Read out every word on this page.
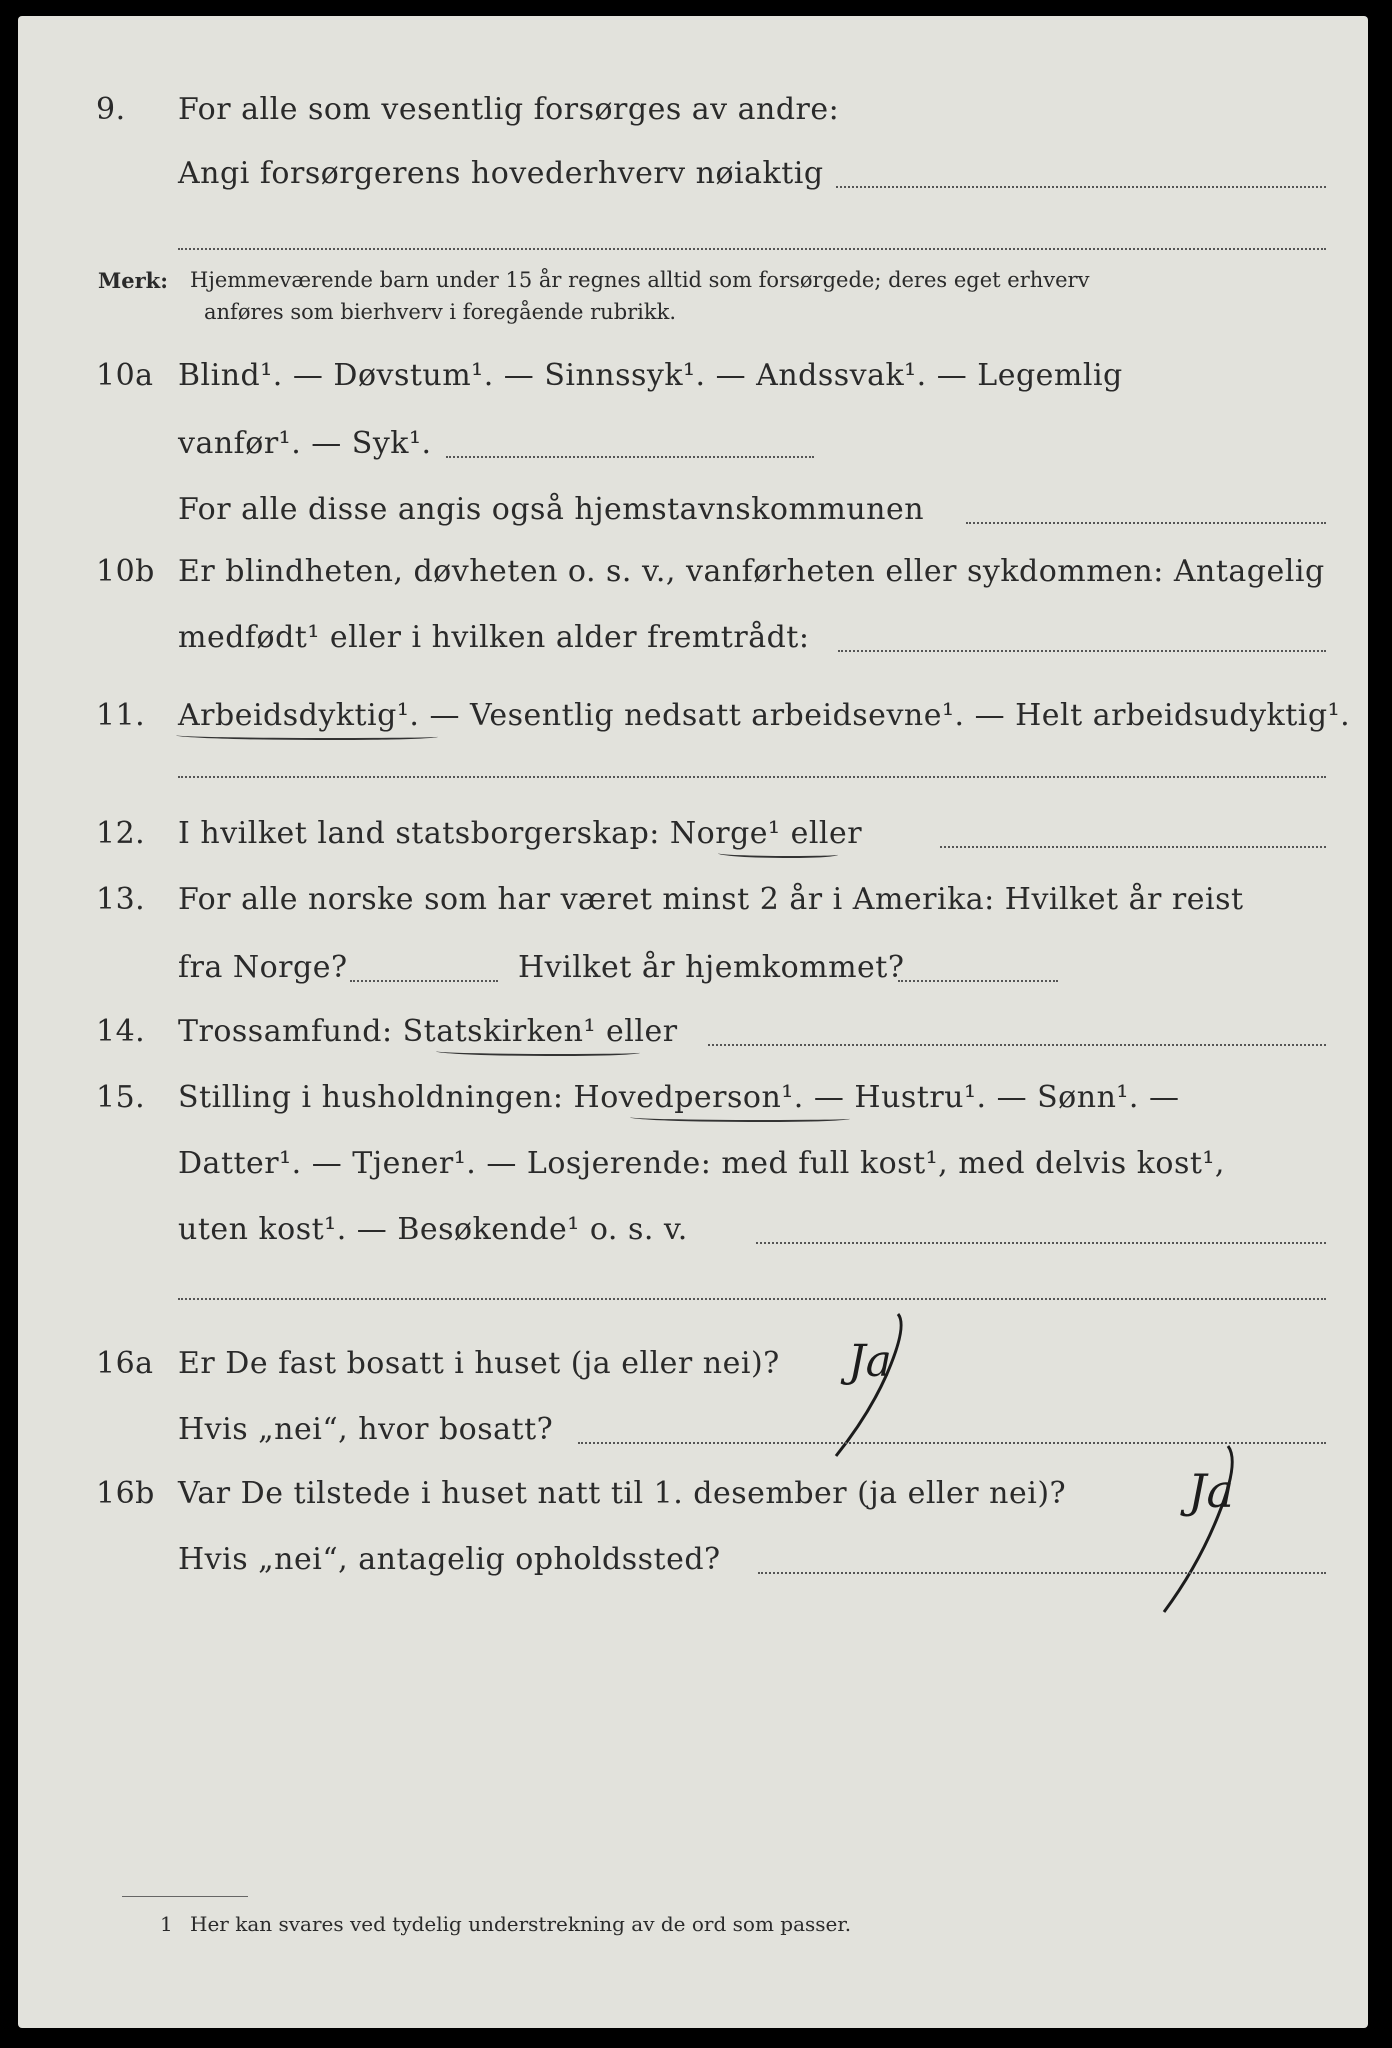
9. For alle som vesentlig forsørges av andre:
Angi forsørgerens hovederhverv nøiaktig
Merk: Hjemmeværende barn under 15 år regnes alltid som forsørgede; deres eget erhverv
anføres som bierhverv i foregående rubrikk.
10a Blind¹. — Døvstum¹. — Sinnssyk¹. — Andssvak¹. — Legemlig
vanfør¹. — Syk¹.
For alle disse angis også hjemstavnskommunen
10b Er blindheten, døvheten o. s. v., vanførheten eller sykdommen: Antagelig
medfødt¹ eller i hvilken alder fremtrådt:
11. Arbeidsdyktig¹. — Vesentlig nedsatt arbeidsevne¹. — Helt arbeidsudyktig¹.
12. I hvilket land statsborgerskap: Norge¹ eller
13. For alle norske som har været minst 2 år i Amerika: Hvilket år reist
fra Norge?	Hvilket år hjemkommet?
14. Trossamfund: Statskirken¹ eller
15. Stilling i husholdningen: Hovedperson¹. — Hustru¹. — Sønn¹. —
Datter¹. — Tjener¹. — Losjerende: med full kost¹, med delvis kost¹,
uten kost¹. — Besøkende¹ o. s. v.
16a Er De fast bosatt i huset (ja eller nei)? Ja
Hvis „nei“, hvor bosatt?
16b Var De tilstede i huset natt til 1. desember (ja eller nei)?	Ja
Hvis „nei“, antagelig opholdssted?
1 Her kan svares ved tydelig understrekning av de ord som passer.
